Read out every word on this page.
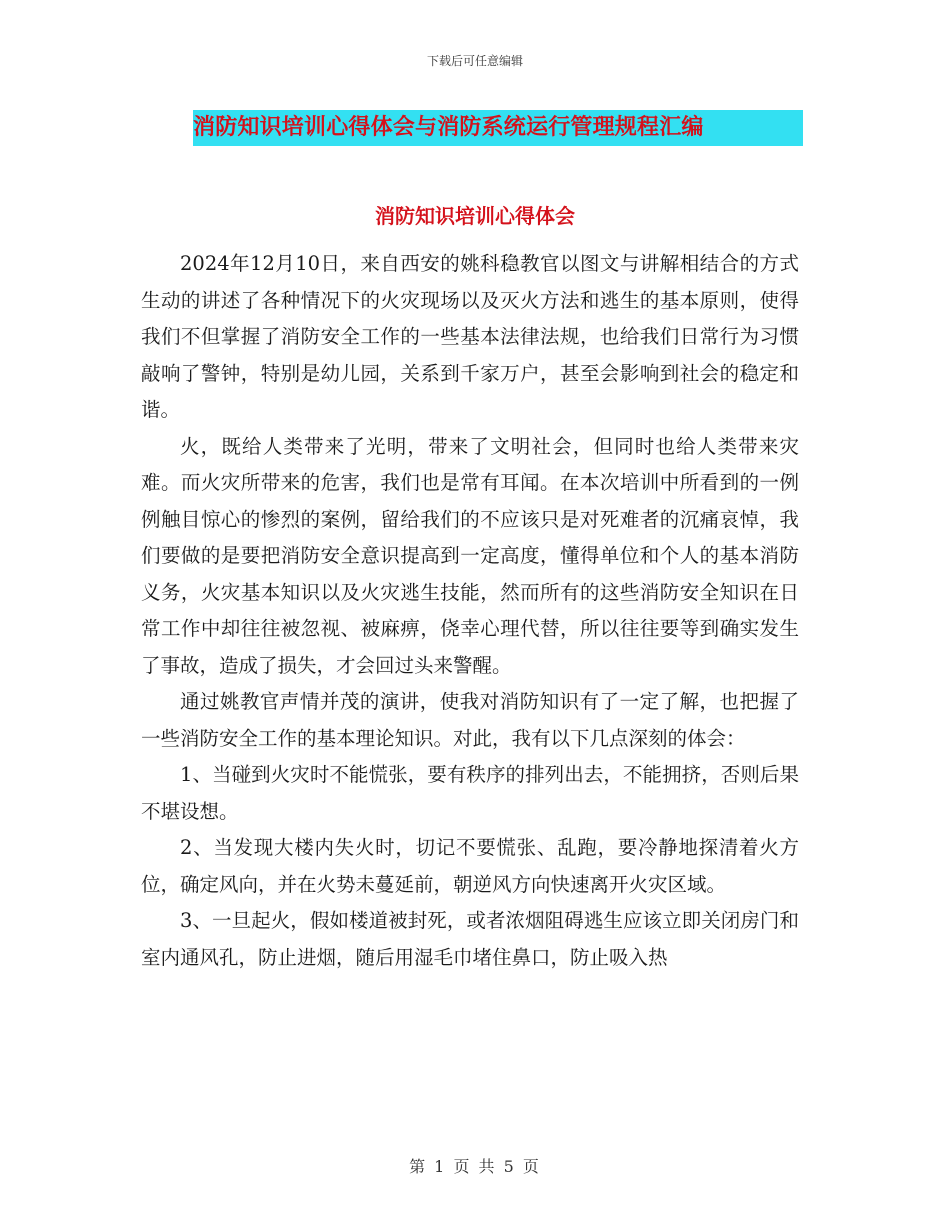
下载后可任意编辑
消防知识培训心得体会与消防系统运行管理规程汇编
消防知识培训心得体会

2024年12月10日，来自西安的姚科稳教官以图文与讲解相结合的方式生动的讲述了各种情况下的火灾现场以及灭火方法和逃生的基本原则，使得我们不但掌握了消防安全工作的一些基本法律法规，也给我们日常行为习惯敲响了警钟，特别是幼儿园，关系到千家万户，甚至会影响到社会的稳定和谐。

火，既给人类带来了光明，带来了文明社会，但同时也给人类带来灾难。而火灾所带来的危害，我们也是常有耳闻。在本次培训中所看到的一例例触目惊心的惨烈的案例，留给我们的不应该只是对死难者的沉痛哀悼，我们要做的是要把消防安全意识提高到一定高度，懂得单位和个人的基本消防义务，火灾基本知识以及火灾逃生技能，然而所有的这些消防安全知识在日常工作中却往往被忽视、被麻痹，侥幸心理代替，所以往往要等到确实发生了事故，造成了损失，才会回过头来警醒。

通过姚教官声情并茂的演讲，使我对消防知识有了一定了解，也把握了一些消防安全工作的基本理论知识。对此，我有以下几点深刻的体会：

1、当碰到火灾时不能慌张，要有秩序的排列出去，不能拥挤，否则后果不堪设想。

2、当发现大楼内失火时，切记不要慌张、乱跑，要冷静地探清着火方位，确定风向，并在火势未蔓延前，朝逆风方向快速离开火灾区域。

3、一旦起火，假如楼道被封死，或者浓烟阻碍逃生应该立即关闭房门和室内通风孔，防止进烟，随后用湿毛巾堵住鼻口，防止吸入热

第 1 页 共 5 页
